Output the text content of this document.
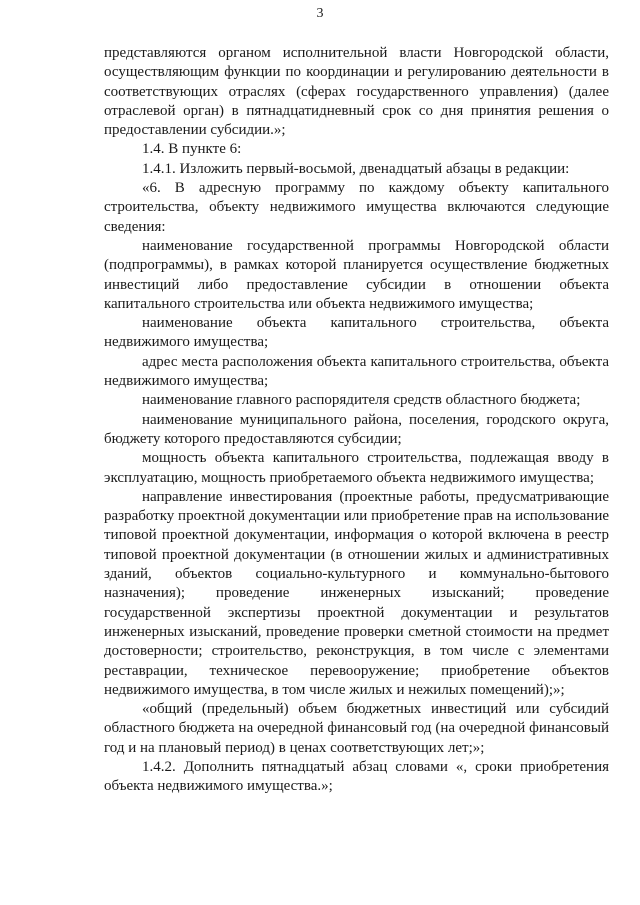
3

представляются органом исполнительной власти Новгородской области, осуществляющим функции по координации и регулированию деятельности в соответствующих отраслях (сферах государственного управления) (далее отраслевой орган) в пятнадцатидневный срок со дня принятия решения о предоставлении субсидии.»;

1.4. В пункте 6:

1.4.1. Изложить первый-восьмой, двенадцатый абзацы в редакции:

«6. В адресную программу по каждому объекту капитального строительства, объекту недвижимого имущества включаются следующие сведения:

наименование государственной программы Новгородской области (подпрограммы), в рамках которой планируется осуществление бюджетных инвестиций либо предоставление субсидии в отношении объекта капитального строительства или объекта недвижимого имущества;

наименование объекта капитального строительства, объекта недвижимого имущества;

адрес места расположения объекта капитального строительства, объекта недвижимого имущества;

наименование главного распорядителя средств областного бюджета;

наименование муниципального района, поселения, городского округа, бюджету которого предоставляются субсидии;

мощность объекта капитального строительства, подлежащая вводу в эксплуатацию, мощность приобретаемого объекта недвижимого имущества;

направление инвестирования (проектные работы, предусматривающие разработку проектной документации или приобретение прав на использование типовой проектной документации, информация о которой включена в реестр типовой проектной документации (в отношении жилых и административных зданий, объектов социально-культурного и коммунально-бытового назначения); проведение инженерных изысканий; проведение государственной экспертизы проектной документации и результатов инженерных изысканий, проведение проверки сметной стоимости на предмет достоверности; строительство, реконструкция, в том числе с элементами реставрации, техническое перевооружение; приобретение объектов недвижимого имущества, в том числе жилых и нежилых помещений);»;

«общий (предельный) объем бюджетных инвестиций или субсидий областного бюджета на очередной финансовый год (на очередной финансовый год и на плановый период) в ценах соответствующих лет;»;

1.4.2. Дополнить пятнадцатый абзац словами «, сроки приобретения объекта недвижимого имущества.»;
